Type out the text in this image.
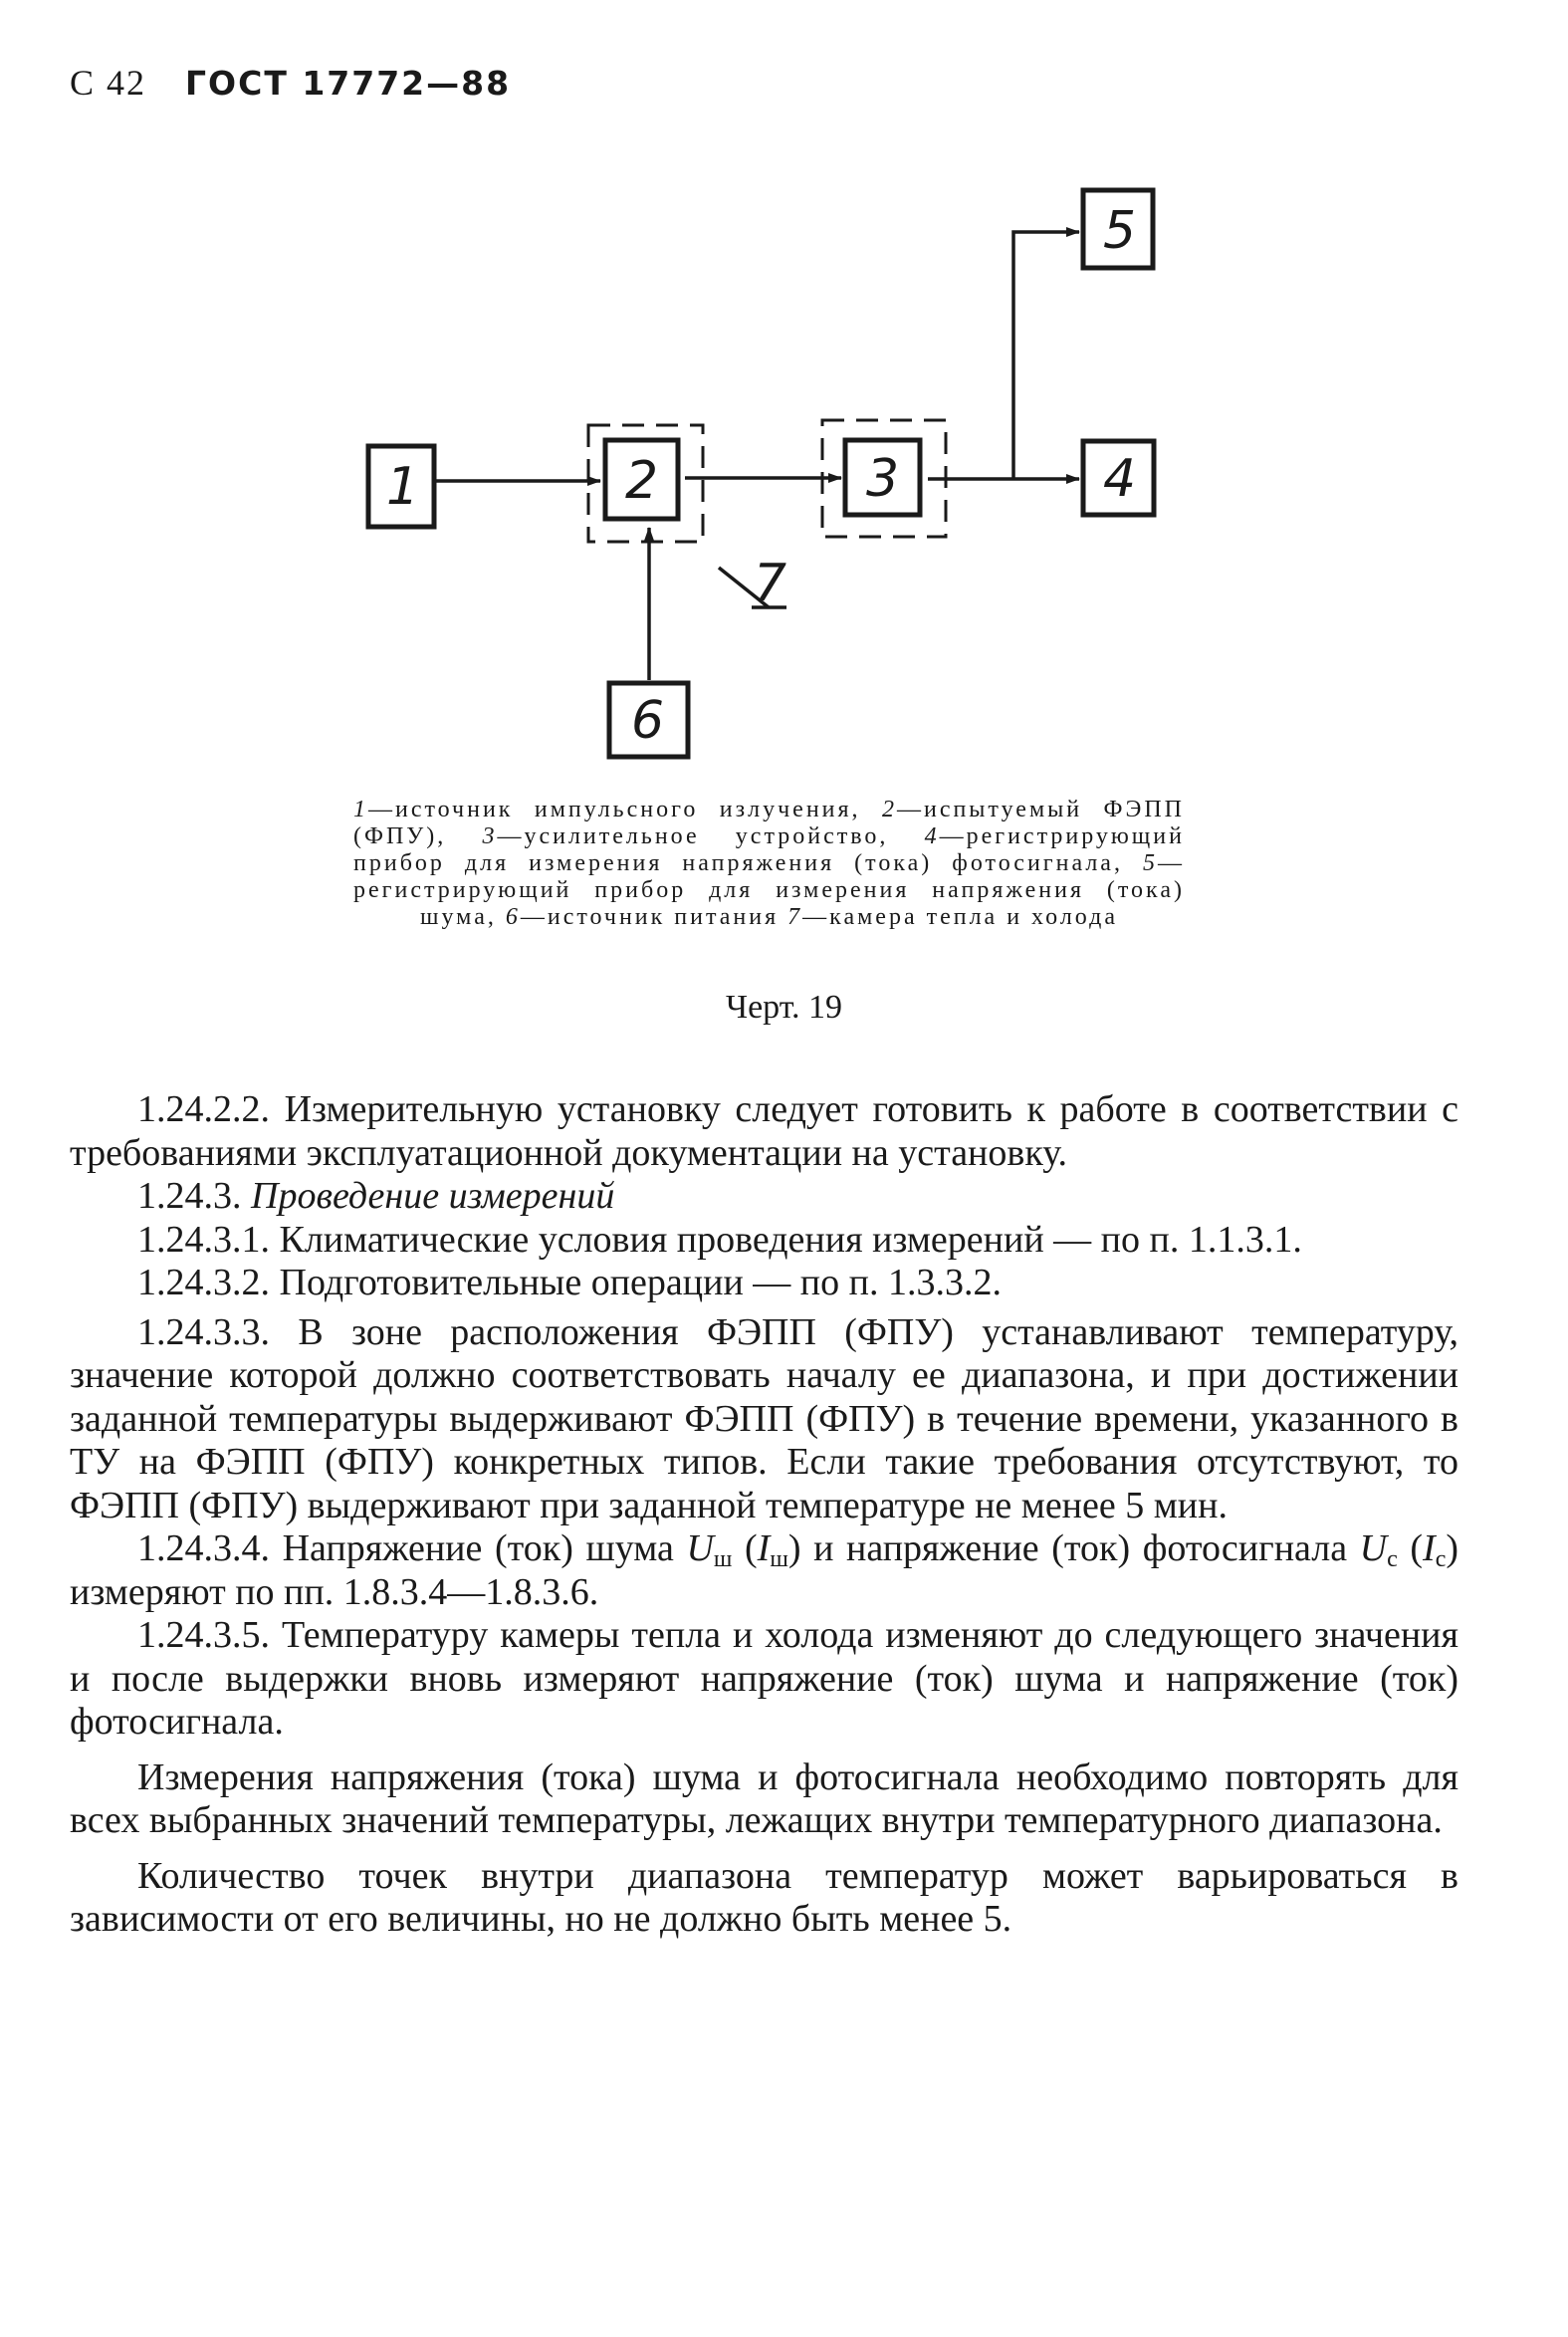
С 42 ГОСТ 17772—88
7
1	2	3	4
5
6
1—источник импульсного излучения, 2—испытуемый ФЭПП (ФПУ), 3—усилительное устройство, 4—регистрирующий прибор для измерения напряжения (тока) фотосигнала, 5— регистрирующий прибор для измерения напряжения (тока) шума, 6—источник питания 7—камера тепла и холода
Черт. 19

1.24.2.2. Измерительную установку следует готовить к работе в соответствии с требованиями эксплуатационной документации на установку.

1.24.3. Проведение измерений

1.24.3.1. Климатические условия проведения измерений — по п. 1.1.3.1.

1.24.3.2. Подготовительные операции — по п. 1.3.3.2.

1.24.3.3. В зоне расположения ФЭПП (ФПУ) устанавливают температуру, значение которой должно соответствовать началу ее диапазона, и при достижении заданной температуры выдерживают ФЭПП (ФПУ) в течение времени, указанного в ТУ на ФЭПП (ФПУ) конкретных типов. Если такие требования отсутствуют, то ФЭПП (ФПУ) выдерживают при заданной температуре не менее 5 мин.

1.24.3.4. Напряжение (ток) шума $U_ш$ $(I_ш)$ и напряжение (ток) фотосигнала $U_с$ $(I_с)$ измеряют по пп. 1.8.3.4—1.8.3.6.

1.24.3.5. Температуру камеры тепла и холода изменяют до следующего значения и после выдержки вновь измеряют напряжение (ток) шума и напряжение (ток) фотосигнала.

Измерения напряжения (тока) шума и фотосигнала необходимо повторять для всех выбранных значений температуры, лежащих внутри температурного диапазона.

Количество точек внутри диапазона температур может варьироваться в зависимости от его величины, но не должно быть менее 5.
